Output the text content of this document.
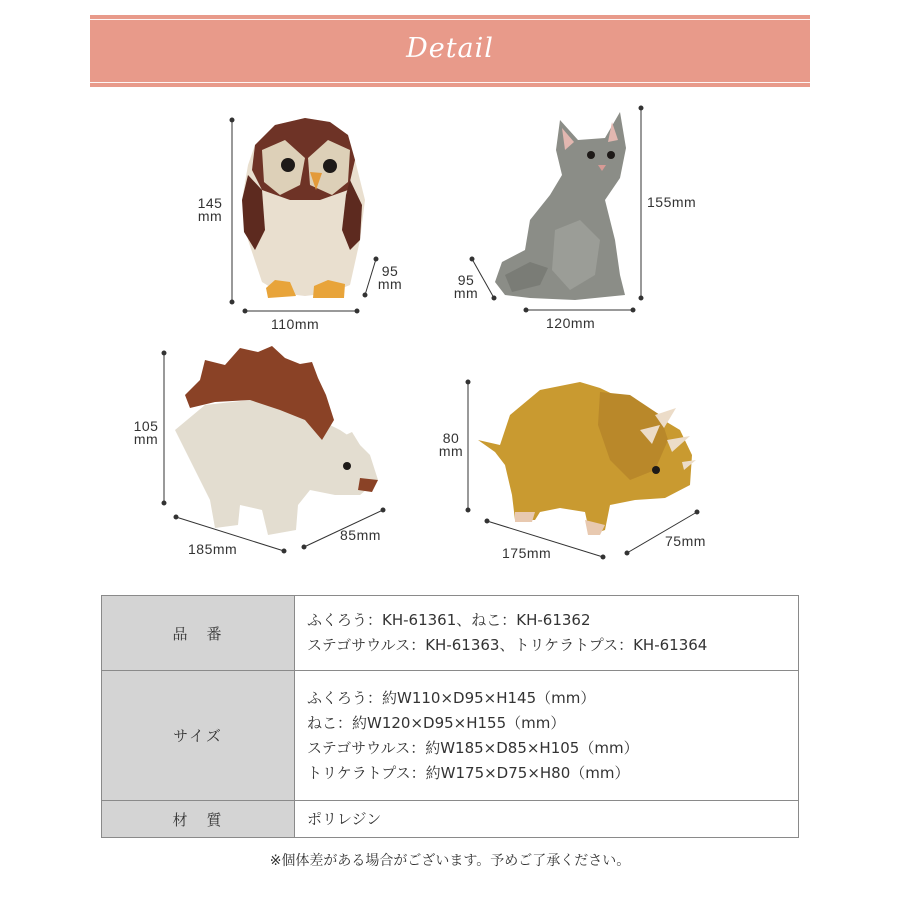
Detail
145
mm
95
mm
110mm
155mm
95
mm
120mm
105
mm
185mm
85mm
80
mm
175mm
75mm
品　番	ふくろう：KH-61361、ねこ：KH-61362
ステゴサウルス：KH-61363、トリケラトプス：KH-61364

サイズ	ふくろう：約W110×D95×H145（mm）
ねこ：約W120×D95×H155（mm）
ステゴサウルス：約W185×D85×H105（mm）
トリケラトプス：約W175×D75×H80（mm）

材　質	ポリレジン
※個体差がある場合がございます。予めご了承ください。
